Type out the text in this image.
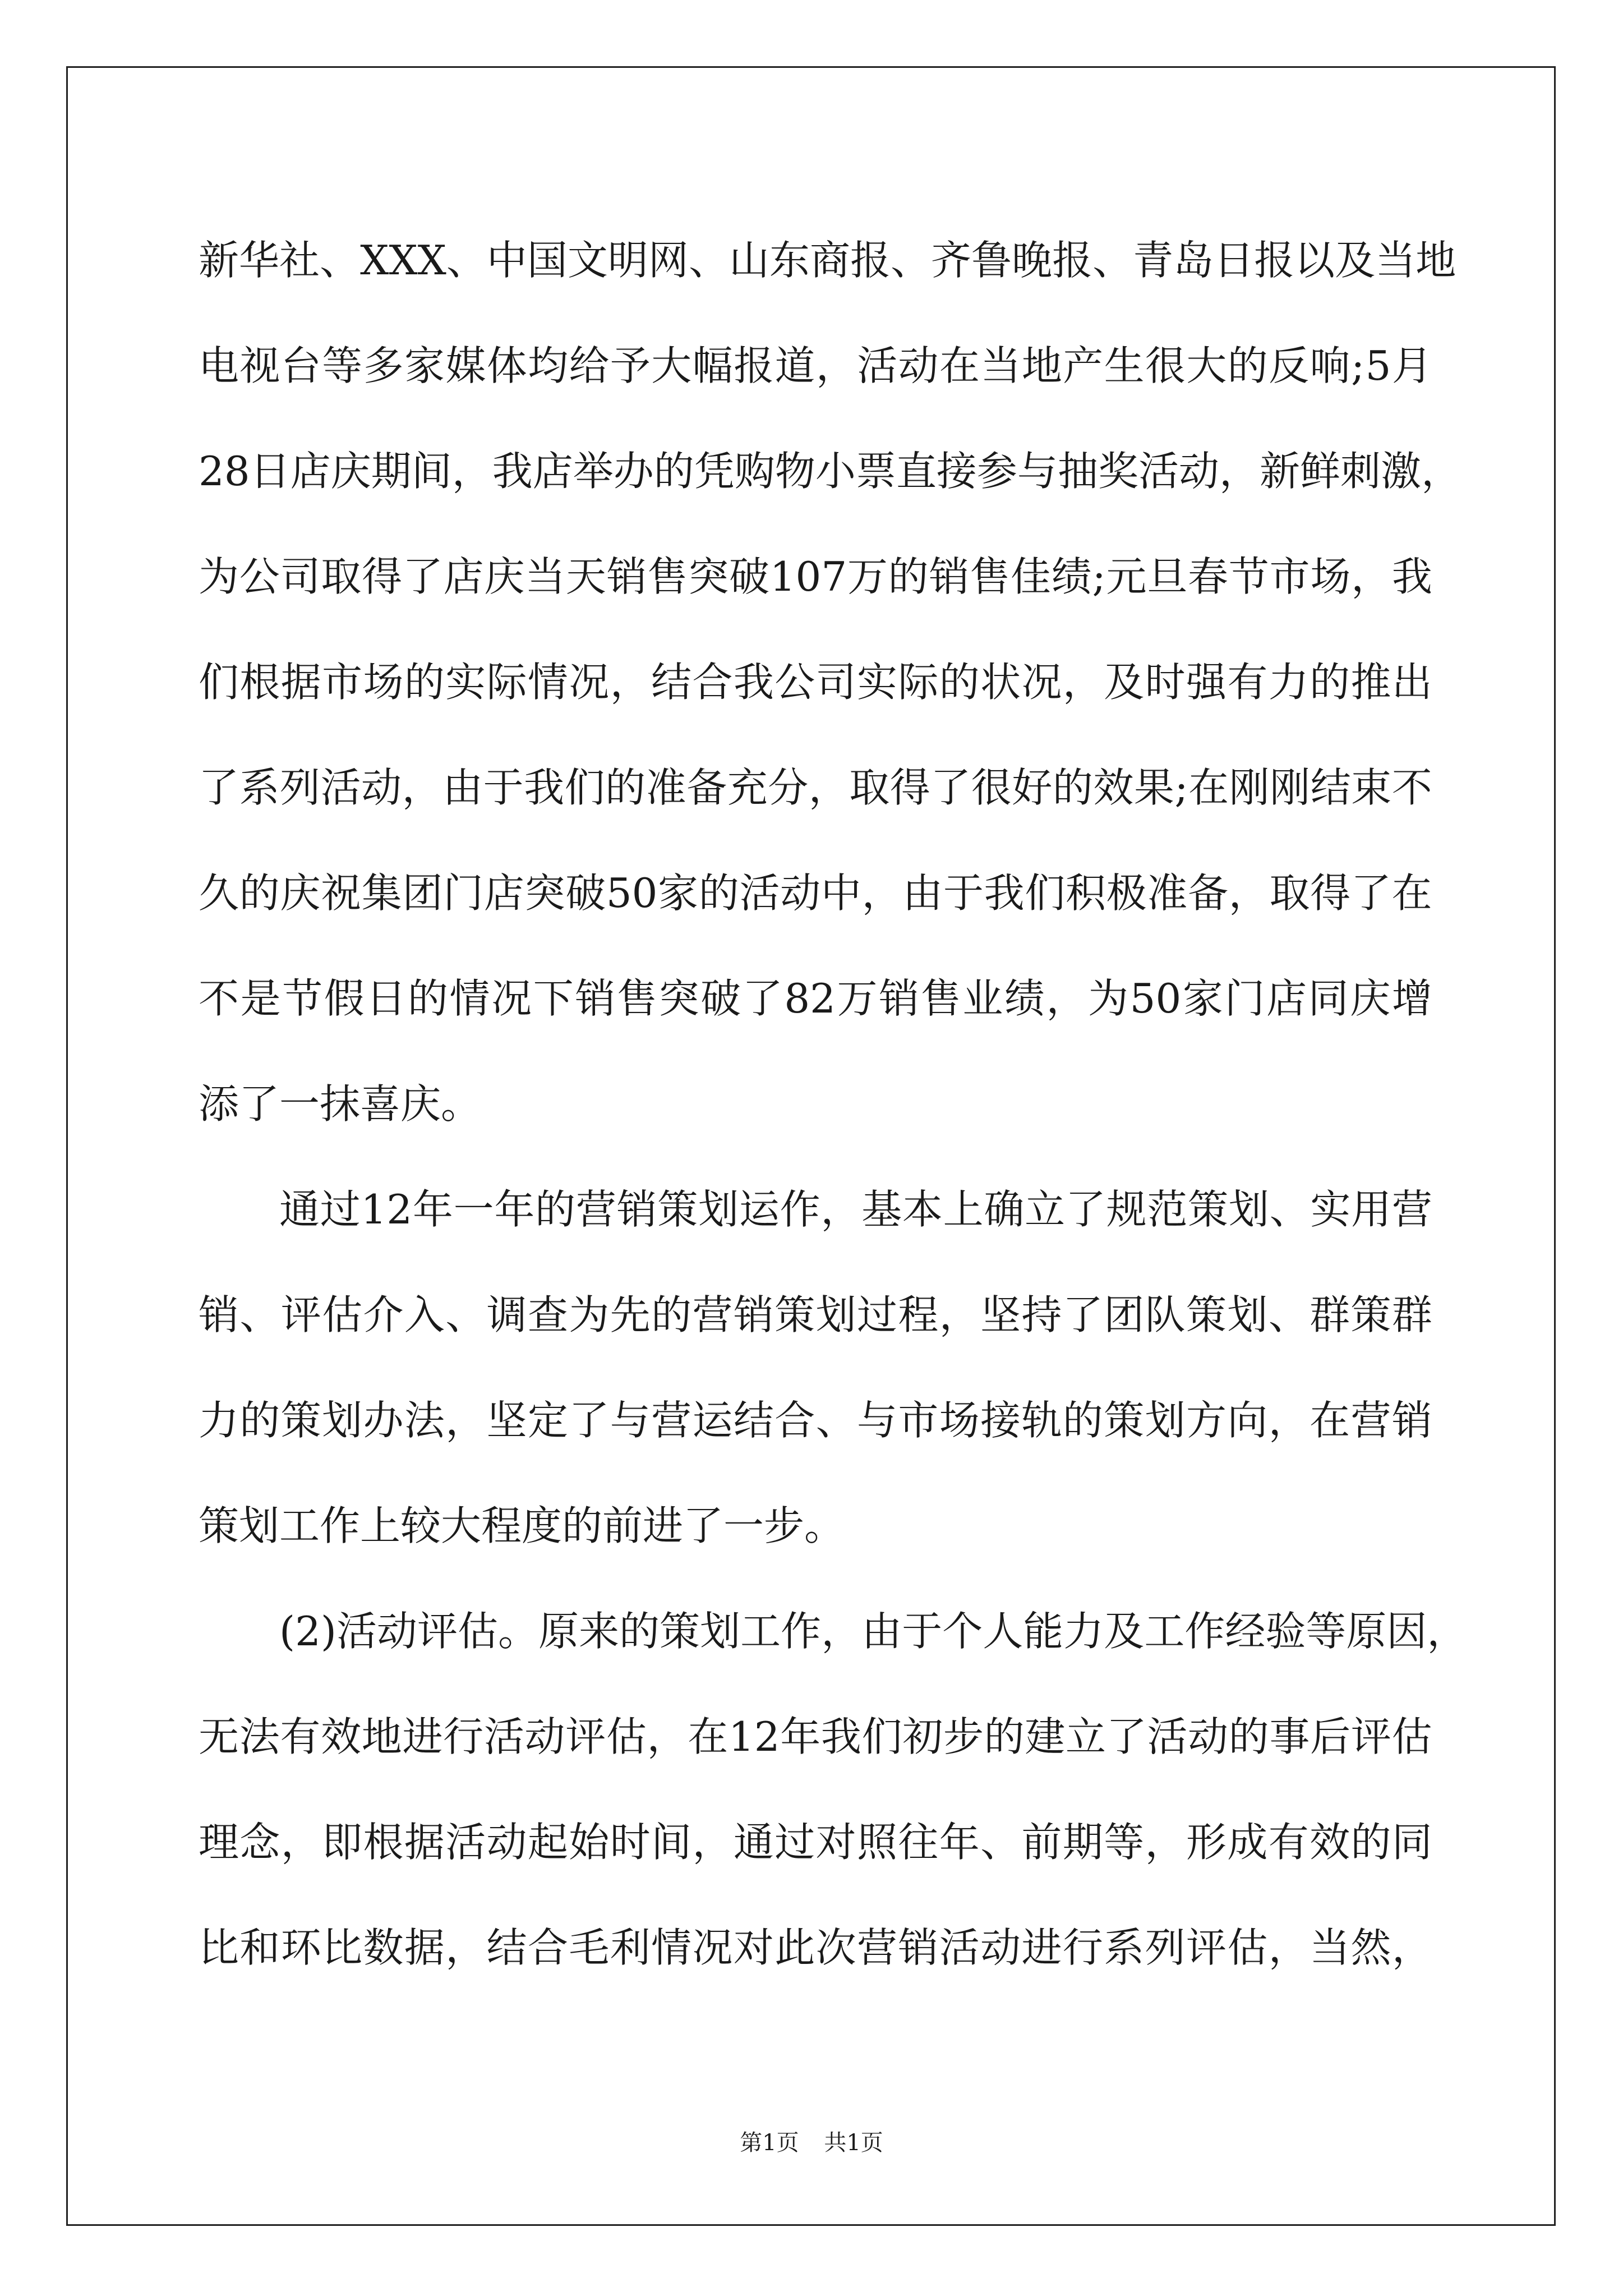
新 华 社 、 XXX 、 中 国 文 明 网 、 山 东 商 报 、 齐 鲁 晚 报 、 青 岛 日 报 以 及 当 地
电 视 台 等 多 家 媒 体 均 给 予 大 幅 报 道 ， 活 动 在 当 地 产 生 很 大 的 反 响 ; 5 月
28 日 店 庆 期 间 ， 我 店 举 办 的 凭 购 物 小 票 直 接 参 与 抽 奖 活 动 ， 新 鲜 刺 激 ，
为 公 司 取 得 了 店 庆 当 天 销 售 突 破 107 万 的 销 售 佳 绩 ; 元 旦 春 节 市 场 ， 我
们 根 据 市 场 的 实 际 情 况 ， 结 合 我 公 司 实 际 的 状 况 ， 及 时 强 有 力 的 推 出
了 系 列 活 动 ， 由 于 我 们 的 准 备 充 分 ， 取 得 了 很 好 的 效 果 ; 在 刚 刚 结 束 不
久 的 庆 祝 集 团 门 店 突 破 50 家 的 活 动 中 ， 由 于 我 们 积 极 准 备 ， 取 得 了 在
不 是 节 假 日 的 情 况 下 销 售 突 破 了 82 万 销 售 业 绩 ， 为 50 家 门 店 同 庆 增
添了一抹喜庆。
通 过 12 年 一 年 的 营 销 策 划 运 作 ， 基 本 上 确 立 了 规 范 策 划 、 实 用 营
销 、 评 估 介 入 、 调 查 为 先 的 营 销 策 划 过 程 ， 坚 持 了 团 队 策 划 、 群 策 群
力 的 策 划 办 法 ， 坚 定 了 与 营 运 结 合 、 与 市 场 接 轨 的 策 划 方 向 ， 在 营 销
策划工作上较大程度的前进了一步。
(2) 活 动 评 估 。 原 来 的 策 划 工 作 ， 由 于 个 人 能 力 及 工 作 经 验 等 原 因 ，
无 法 有 效 地 进 行 活 动 评 估 ， 在 12 年 我 们 初 步 的 建 立 了 活 动 的 事 后 评 估
理 念 ， 即 根 据 活 动 起 始 时 间 ， 通 过 对 照 往 年 、 前 期 等 ， 形 成 有 效 的 同
比 和 环 比 数 据 ， 结 合 毛 利 情 况 对 此 次 营 销 活 动 进 行 系 列 评 估 ， 当 然 ，
第1页 共1页
